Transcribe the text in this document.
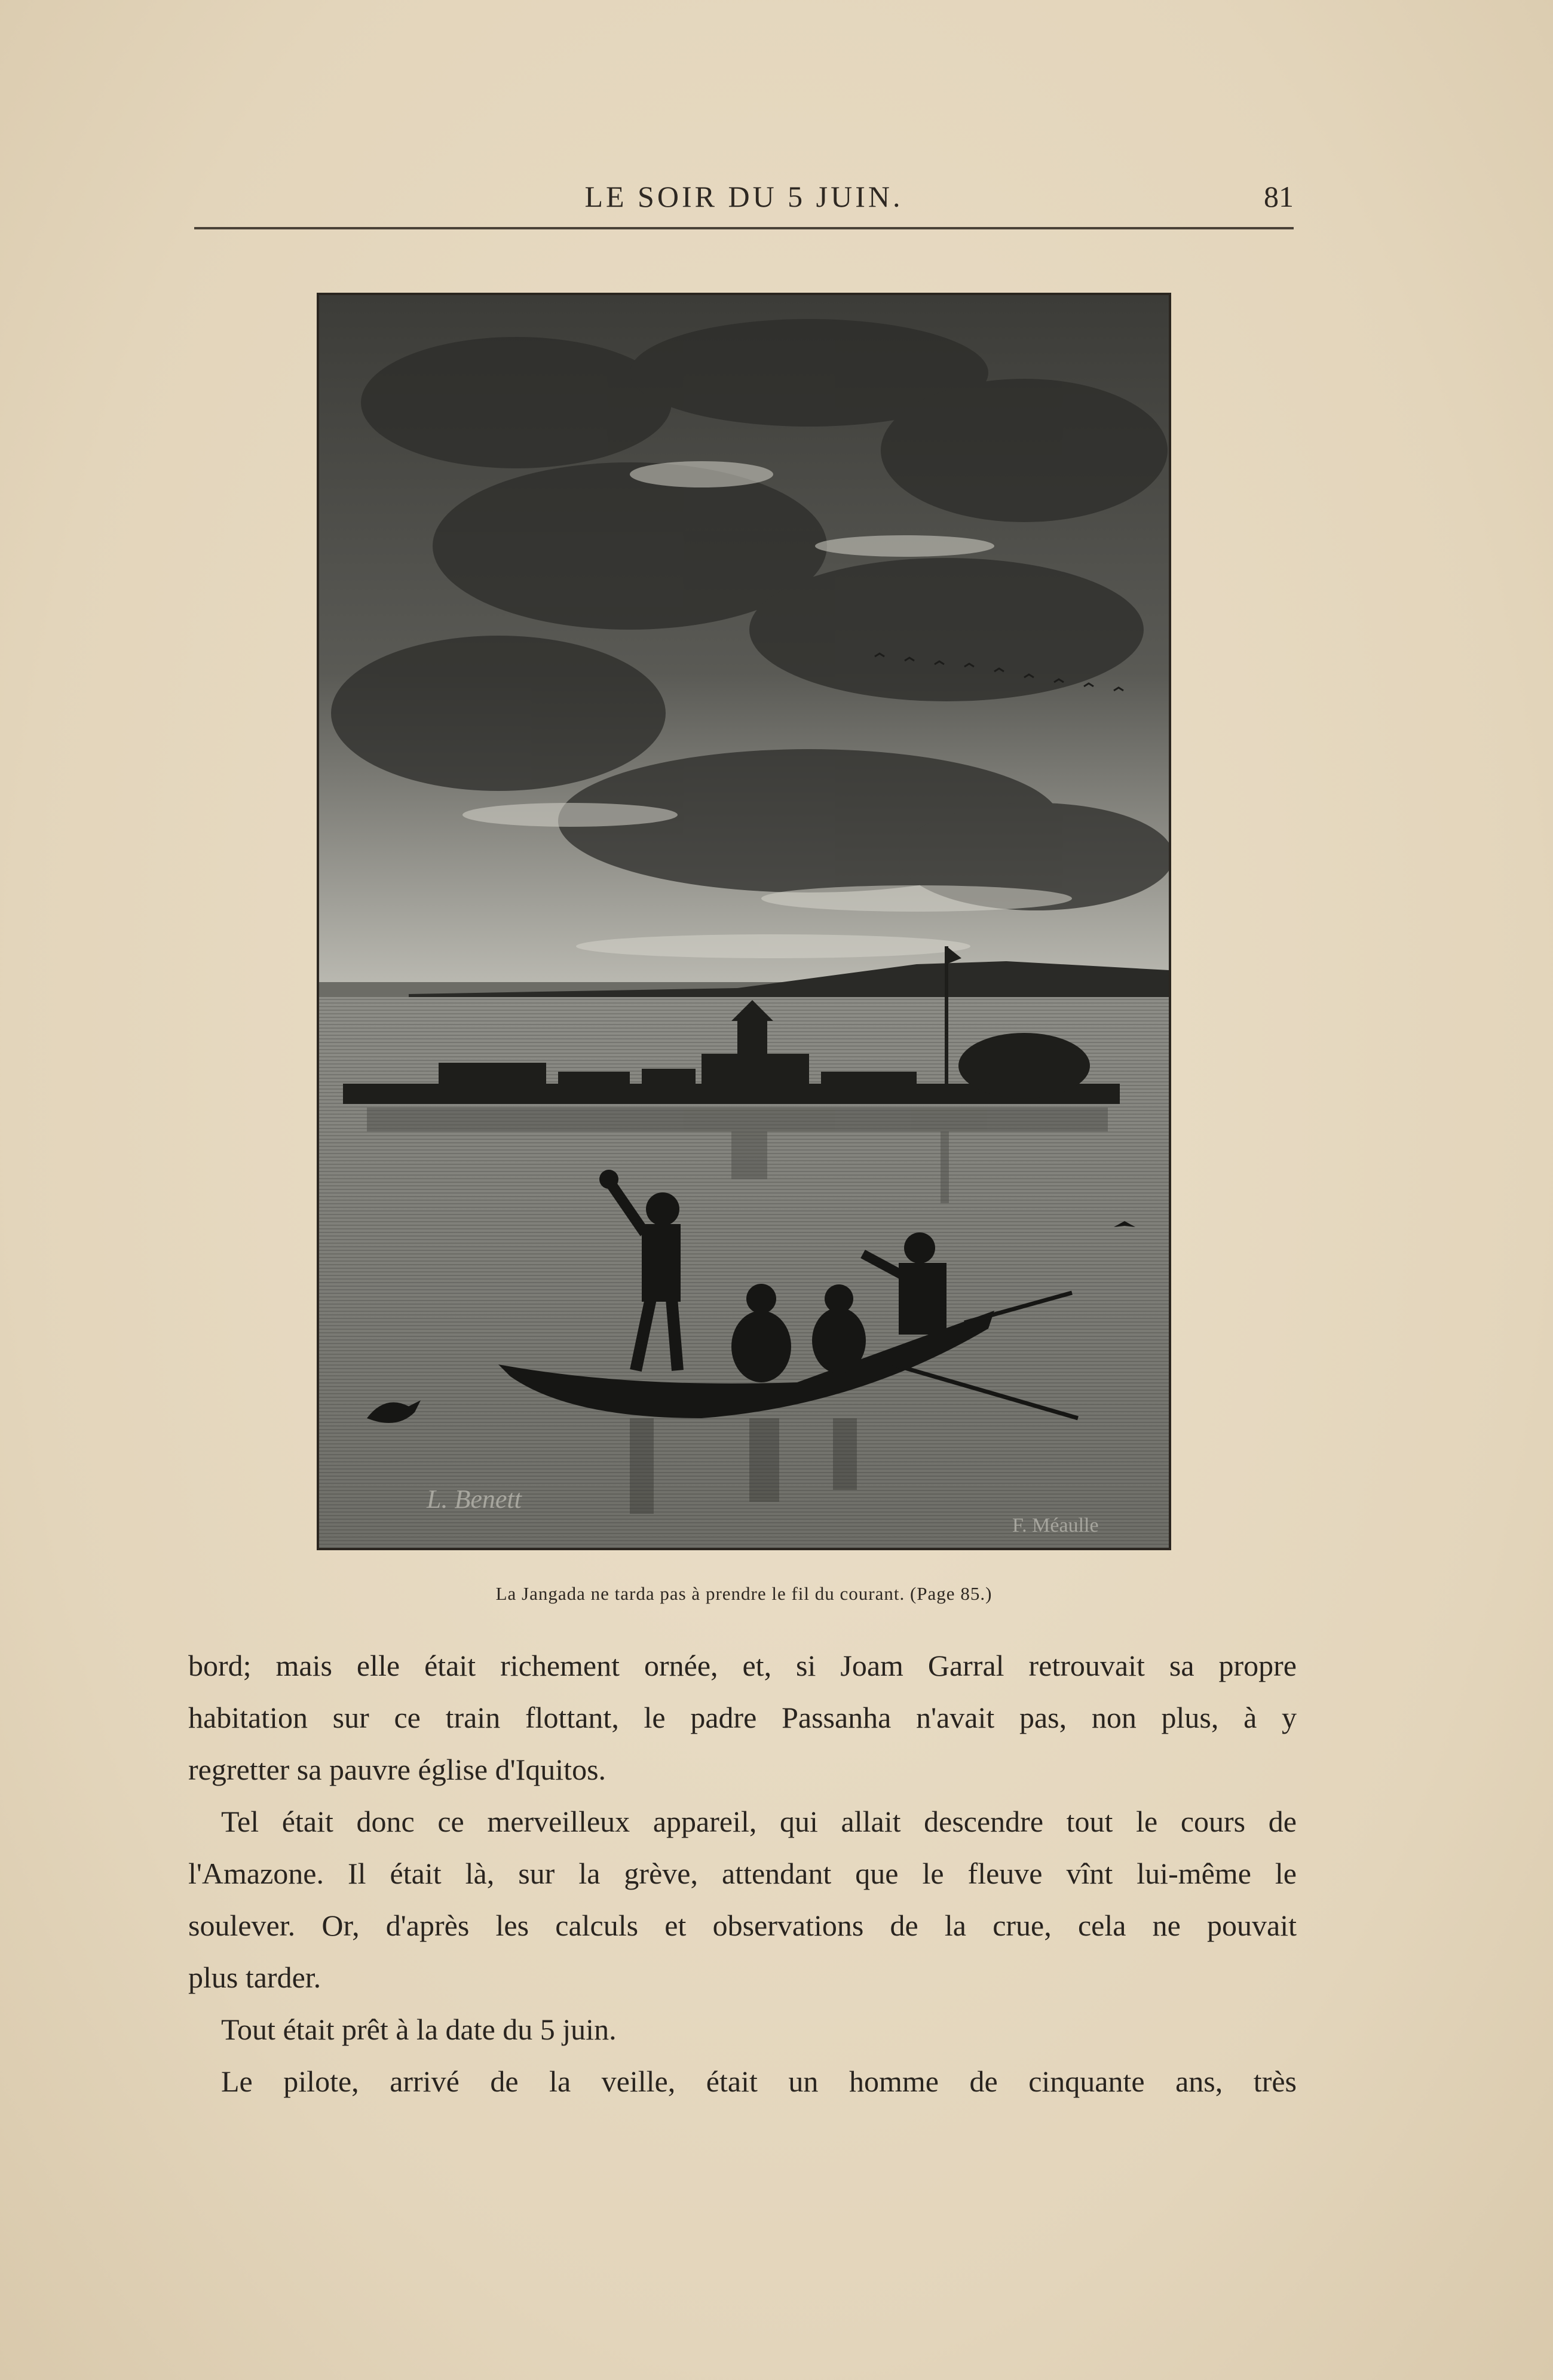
LE SOIR DU 5 JUIN.	81
L. Benett
F. Méaulle
La Jangada ne tarda pas à prendre le fil du courant. (Page 85.)

bord; mais elle était richement ornée, et, si Joam Garral retrouvait sa propre

habitation sur ce train flottant, le padre Passanha n'avait pas, non plus, à y

regretter sa pauvre église d'Iquitos.

Tel était donc ce merveilleux appareil, qui allait descendre tout le cours de

l'Amazone. Il était là, sur la grève, attendant que le fleuve vînt lui-même le

soulever. Or, d'après les calculs et observations de la crue, cela ne pouvait

plus tarder.

Tout était prêt à la date du 5 juin.

Le pilote, arrivé de la veille, était un homme de cinquante ans, très
